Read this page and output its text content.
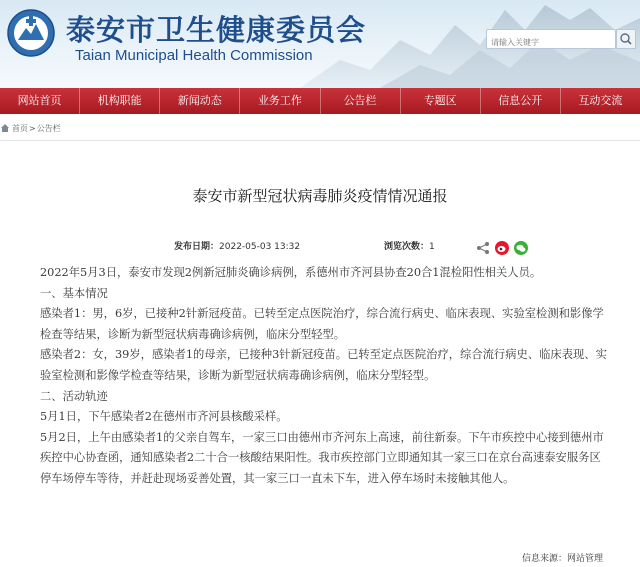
泰安市卫生健康委员会
Taian Municipal Health Commission
请输入关键字
网站首页	机构职能	新闻动态	业务工作	公告栏	专题区	信息公开	互动交流
首页 > 公告栏
泰安市新型冠状病毒肺炎疫情情况通报
发布日期：2022-05-03 13:32	浏览次数：1

2022年5月3日，泰安市发现2例新冠肺炎确诊病例，系德州市齐河县协查20合1混检阳性相关人员。

一、基本情况

感染者1：男，6岁，已接种2针新冠疫苗。已转至定点医院治疗，综合流行病史、临床表现、实验室检测和影像学检查等结果，诊断为新型冠状病毒确诊病例，临床分型轻型。

感染者2：女，39岁，感染者1的母亲，已接种3针新冠疫苗。已转至定点医院治疗，综合流行病史、临床表现、实验室检测和影像学检查等结果，诊断为新型冠状病毒确诊病例，临床分型轻型。

二、活动轨迹

5月1日，下午感染者2在德州市齐河县核酸采样。

5月2日，上午由感染者1的父亲自驾车，一家三口由德州市齐河东上高速，前往新泰。下午市疾控中心接到德州市疾控中心协查函，通知感染者2二十合一核酸结果阳性。我市疾控部门立即通知其一家三口在京台高速泰安服务区停车场停车等待，并赶赴现场妥善处置，其一家三口一直未下车，进入停车场时未接触其他人。

信息来源：网站管理
